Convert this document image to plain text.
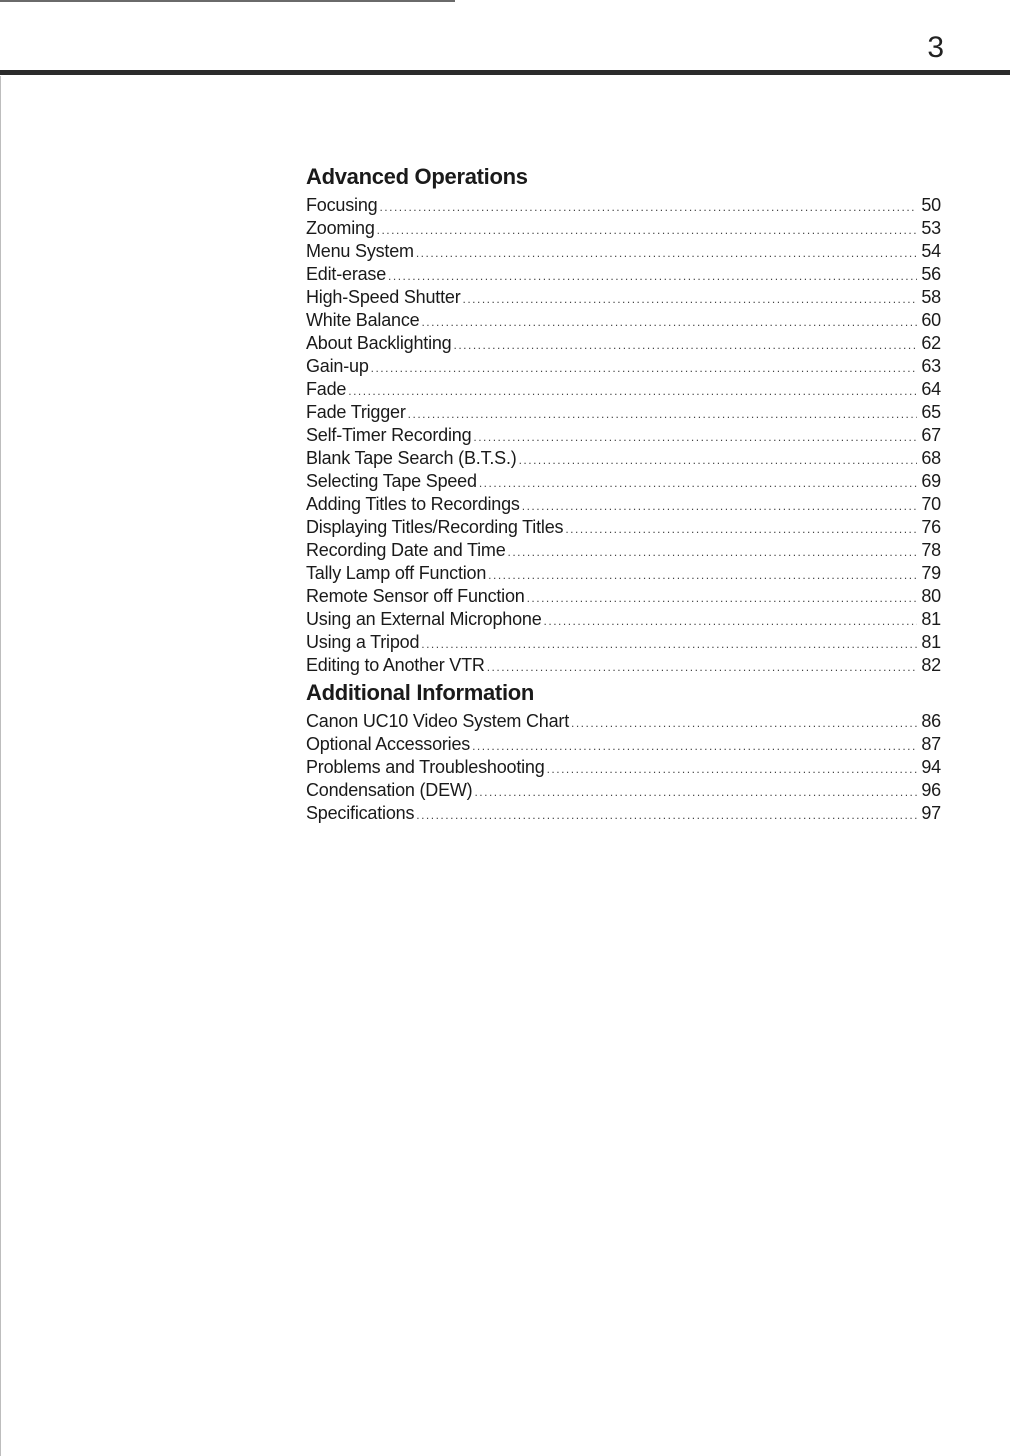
3
Advanced Operations
Focusing .....	50
Zooming .....	53
Menu System .....	54
Edit-erase .....	56
High-Speed Shutter .....	58
White Balance .....	60
About Backlighting .....	62
Gain-up .....	63
Fade .....	64
Fade Trigger .....	65
Self-Timer Recording .....	67
Blank Tape Search (B.T.S.) .....	68
Selecting Tape Speed .....	69
Adding Titles to Recordings .....	70
Displaying Titles/Recording Titles .....	76
Recording Date and Time .....	78
Tally Lamp off Function .....	79
Remote Sensor off Function .....	80
Using an External Microphone .....	81
Using a Tripod .....	81
Editing to Another VTR .....	82
Additional Information
Canon UC10 Video System Chart .....	86
Optional Accessories .....	87
Problems and Troubleshooting .....	94
Condensation (DEW) .....	96
Specifications .....	97
